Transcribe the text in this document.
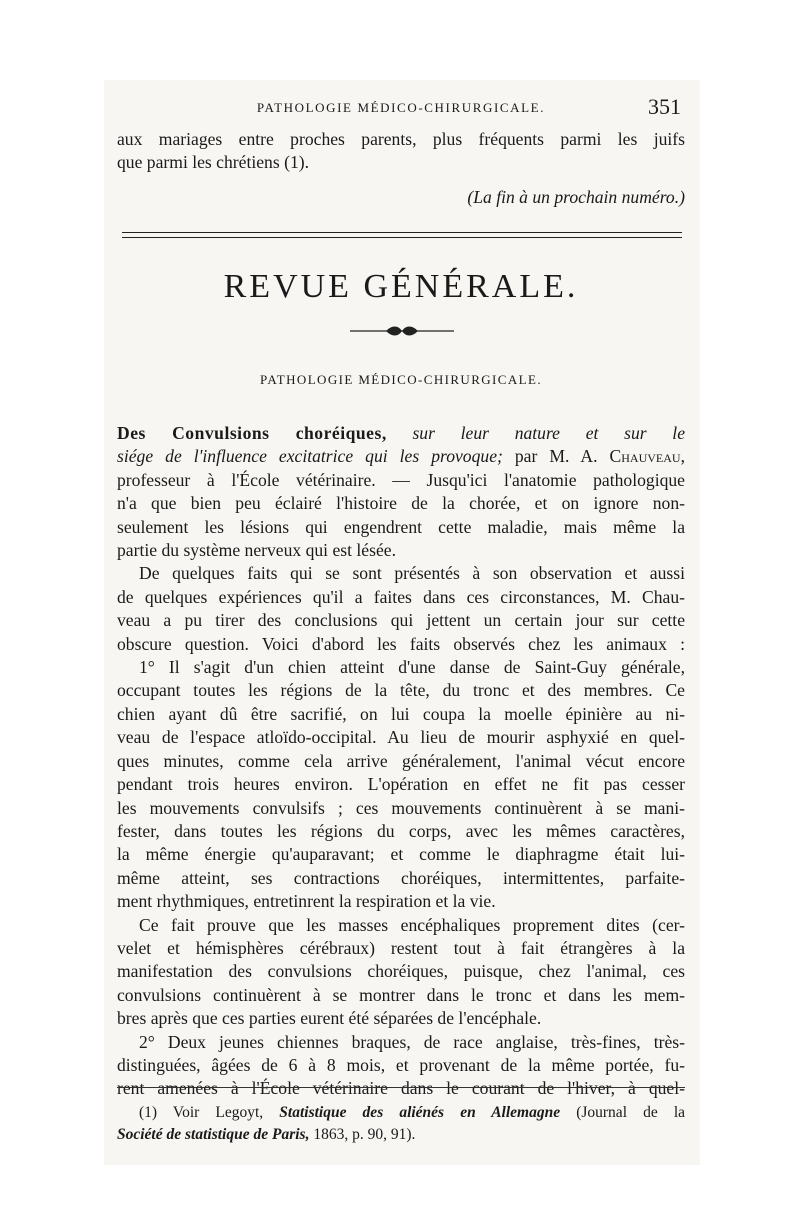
PATHOLOGIE MÉDICO-CHIRURGICALE.	351
aux mariages entre proches parents, plus fréquents parmi les juifs
que parmi les chrétiens (1).
(La fin à un prochain numéro.)
REVUE GÉNÉRALE.
PATHOLOGIE MÉDICO-CHIRURGICALE.
Des Convulsions choréiques, sur leur nature et sur le
siége de l'influence excitatrice qui les provoque; par M. A. Chauveau,
professeur à l'École vétérinaire. — Jusqu'ici l'anatomie pathologique
n'a que bien peu éclairé l'histoire de la chorée, et on ignore non-
seulement les lésions qui engendrent cette maladie, mais même la
partie du système nerveux qui est lésée.
De quelques faits qui se sont présentés à son observation et aussi
de quelques expériences qu'il a faites dans ces circonstances, M. Chau-
veau a pu tirer des conclusions qui jettent un certain jour sur cette
obscure question. Voici d'abord les faits observés chez les animaux :
1° Il s'agit d'un chien atteint d'une danse de Saint-Guy générale,
occupant toutes les régions de la tête, du tronc et des membres. Ce
chien ayant dû être sacrifié, on lui coupa la moelle épinière au ni-
veau de l'espace atloïdo-occipital. Au lieu de mourir asphyxié en quel-
ques minutes, comme cela arrive généralement, l'animal vécut encore
pendant trois heures environ. L'opération en effet ne fit pas cesser
les mouvements convulsifs ; ces mouvements continuèrent à se mani-
fester, dans toutes les régions du corps, avec les mêmes caractères,
la même énergie qu'auparavant; et comme le diaphragme était lui-
même atteint, ses contractions choréiques, intermittentes, parfaite-
ment rhythmiques, entretinrent la respiration et la vie.
Ce fait prouve que les masses encéphaliques proprement dites (cer-
velet et hémisphères cérébraux) restent tout à fait étrangères à la
manifestation des convulsions choréiques, puisque, chez l'animal, ces
convulsions continuèrent à se montrer dans le tronc et dans les mem-
bres après que ces parties eurent été séparées de l'encéphale.
2° Deux jeunes chiennes braques, de race anglaise, très-fines, très-
distinguées, âgées de 6 à 8 mois, et provenant de la même portée, fu-
rent amenées à l'École vétérinaire dans le courant de l'hiver, à quel-
(1) Voir Legoyt, Statistique des aliénés en Allemagne (Journal de la
Société de statistique de Paris, 1863, p. 90, 91).
